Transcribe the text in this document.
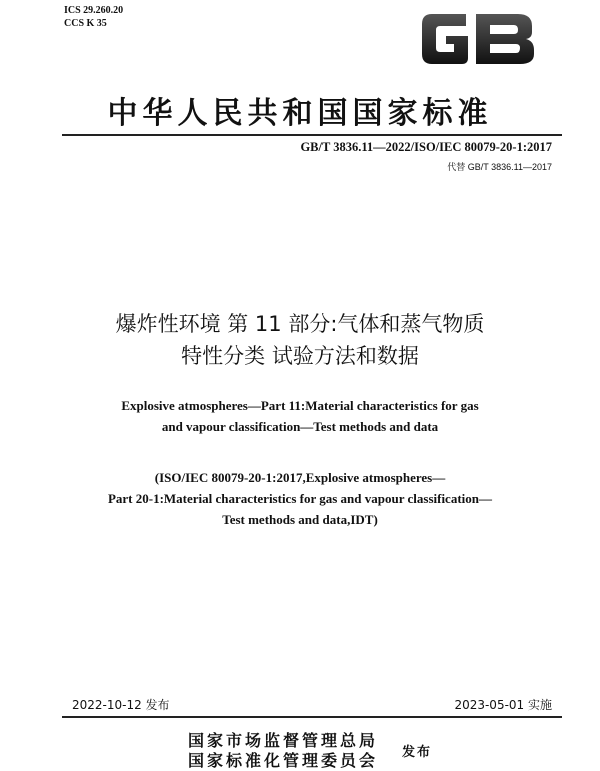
ICS 29.260.20
CCS K 35
GB
中华人民共和国国家标准
GB/T 3836.11—2022/ISO/IEC 80079-20-1:2017
代替 GB/T 3836.11—2017
爆炸性环境 第 11 部分:气体和蒸气物质
特性分类 试验方法和数据
Explosive atmospheres—Part 11:Material characteristics for gas
and vapour classification—Test methods and data
(ISO/IEC 80079-20-1:2017,Explosive atmospheres—
Part 20-1:Material characteristics for gas and vapour classification—
Test methods and data,IDT)
2022-10-12 发布	2023-05-01 实施
国家市场监督管理总局
国家标准化管理委员会 发布
